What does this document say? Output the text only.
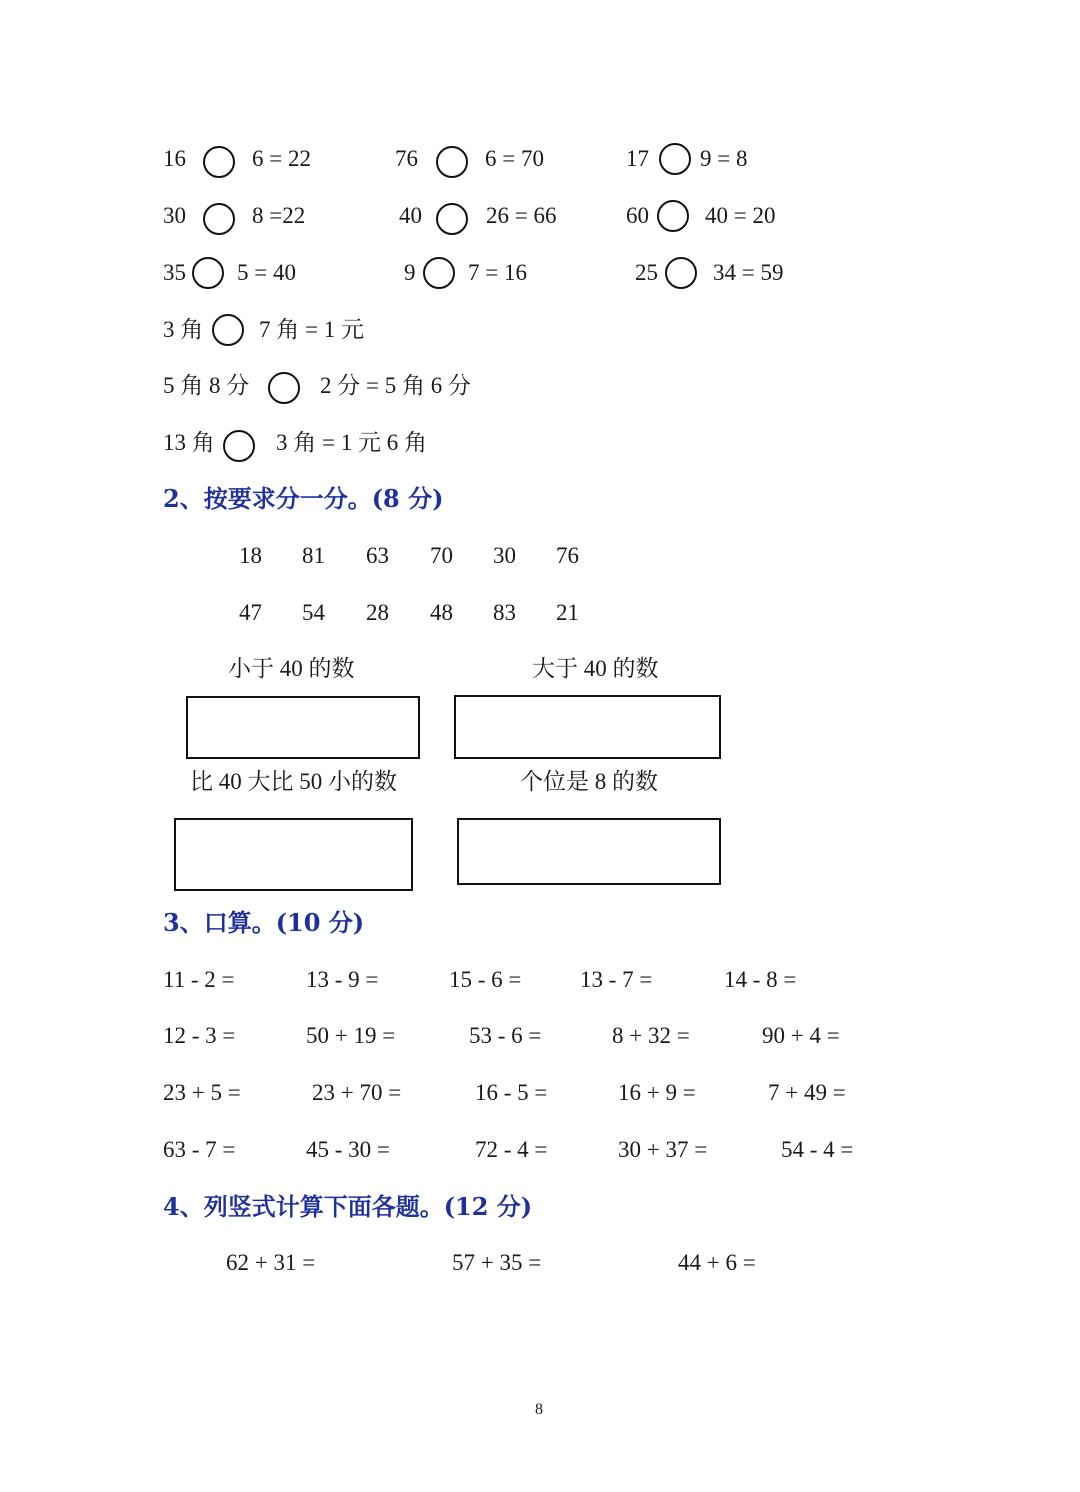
16	6 = 22	76	6 = 70	17 9 = 8
30	8 =22	40	26 = 66	60 40 = 20
35 5 = 40	9 7 = 16	25 34 = 59
3 角 7 角 = 1 元
5 角 8 分	2 分 = 5 角 6 分
13 角	3 角 = 1 元 6 角
2、按要求分一分。(8 分)
18 81 63 70 30 76
47 54 28 48 83 21
小于 40 的数	大于 40 的数
比 40 大比 50 小的数	个位是 8 的数
3、口算。(10 分)
11 - 2 =	13 - 9 =	15 - 6 =	13 - 7 =	14 - 8 =
12 - 3 =	50 + 19 =	53 - 6 =	8 + 32 =	90 + 4 =
23 + 5 =	23 + 70 =	16 - 5 =	16 + 9 =	7 + 49 =
63 - 7 =	45 - 30 =	72 - 4 =	30 + 37 =	54 - 4 =
4、列竖式计算下面各题。(12 分)
62 + 31 =	57 + 35 =	44 + 6 =
8
